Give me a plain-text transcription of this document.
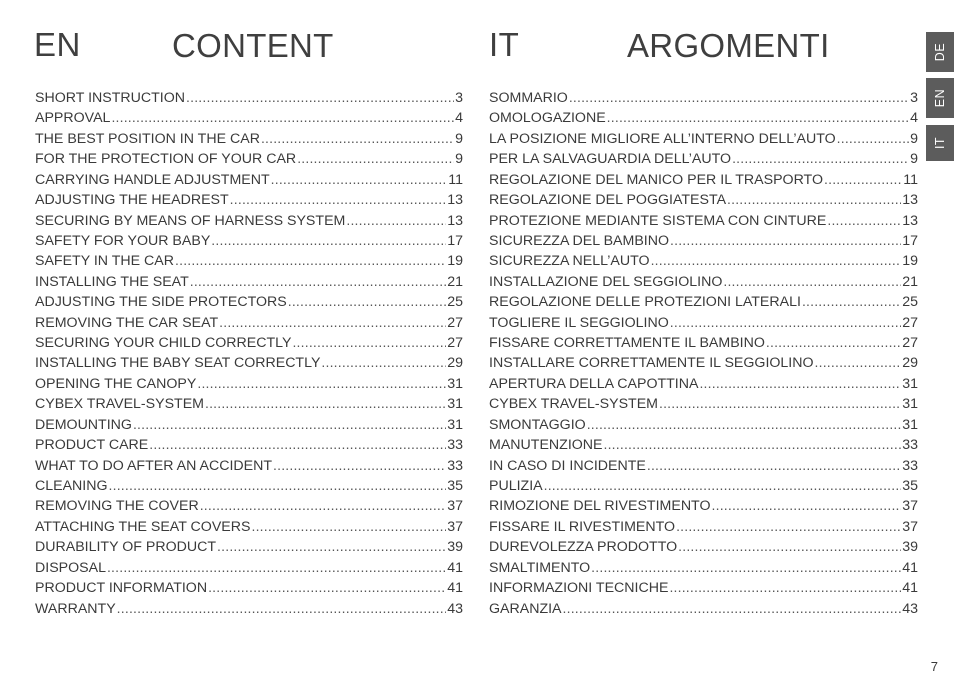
EN	CONTENT	IT	ARGOMENTI
SHORT INSTRUCTION .....	3
APPROVAL .....	4
THE BEST POSITION IN THE CAR .....	9
FOR THE PROTECTION OF YOUR CAR .....	9
CARRYING HANDLE ADJUSTMENT .....	11
ADJUSTING THE HEADREST .....	13
SECURING BY MEANS OF HARNESS SYSTEM .....	13
SAFETY FOR YOUR BABY .....	17
SAFETY IN THE CAR .....	19
INSTALLING THE SEAT .....	21
ADJUSTING THE SIDE PROTECTORS .....	25
REMOVING THE CAR SEAT .....	27
SECURING YOUR CHILD CORRECTLY .....	27
INSTALLING THE BABY SEAT CORRECTLY .....	29
OPENING THE CANOPY .....	31
CYBEX TRAVEL-SYSTEM .....	31
DEMOUNTING .....	31
PRODUCT CARE .....	33
WHAT TO DO AFTER AN ACCIDENT .....	33
CLEANING .....	35
REMOVING THE COVER .....	37
ATTACHING THE SEAT COVERS .....	37
DURABILITY OF PRODUCT .....	39
DISPOSAL .....	41
PRODUCT INFORMATION .....	41
WARRANTY .....	43
SOMMARIO .....	3
OMOLOGAZIONE .....	4
LA POSIZIONE MIGLIORE ALL’INTERNO DELL’AUTO .....	9
PER LA SALVAGUARDIA DELL’AUTO .....	9
REGOLAZIONE DEL MANICO PER IL TRASPORTO .....	11
REGOLAZIONE DEL POGGIATESTA .....	13
PROTEZIONE MEDIANTE SISTEMA CON CINTURE .....	13
SICUREZZA DEL BAMBINO .....	17
SICUREZZA NELL’AUTO .....	19
INSTALLAZIONE DEL SEGGIOLINO .....	21
REGOLAZIONE DELLE PROTEZIONI LATERALI .....	25
TOGLIERE IL SEGGIOLINO .....	27
FISSARE CORRETTAMENTE IL BAMBINO .....	27
INSTALLARE CORRETTAMENTE IL SEGGIOLINO .....	29
APERTURA DELLA CAPOTTINA .....	31
CYBEX TRAVEL-SYSTEM .....	31
SMONTAGGIO .....	31
MANUTENZIONE .....	33
IN CASO DI INCIDENTE .....	33
PULIZIA .....	35
RIMOZIONE DEL RIVESTIMENTO .....	37
FISSARE IL RIVESTIMENTO .....	37
DUREVOLEZZA PRODOTTO .....	39
SMALTIMENTO .....	41
INFORMAZIONI TECNICHE .....	41
GARANZIA .....	43
DE
EN
IT
7
